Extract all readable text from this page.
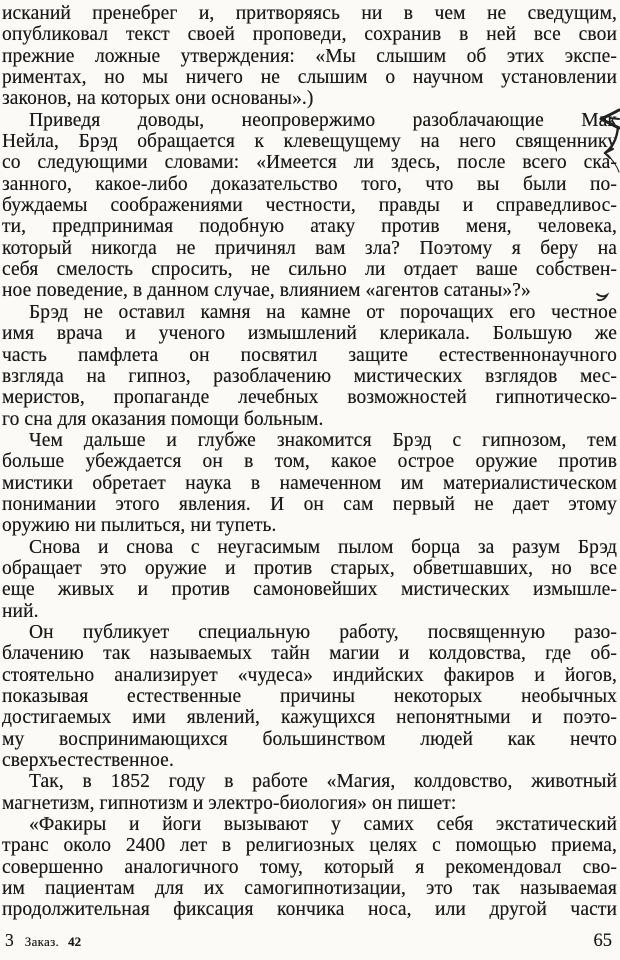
исканий пренебрег и, притворяясь ни в чем не сведущим,
опубликовал текст своей проповеди, сохранив в ней все свои
прежние ложные утверждения: «Мы слышим об этих экспе-
риментах, но мы ничего не слышим о научном установлении
законов, на которых они основаны».)
Приведя доводы, неопровержимо разоблачающие Мак
Нейла, Брэд обращается к клевещущему на него священнику
со следующими словами: «Имеется ли здесь, после всего ска-
занного, какое-либо доказательство того, что вы были по-
буждаемы соображениями честности, правды и справедливос-
ти, предпринимая подобную атаку против меня, человека,
который никогда не причинял вам зла? Поэтому я беру на
себя смелость спросить, не сильно ли отдает ваше собствен-
ное поведение, в данном случае, влиянием «агентов сатаны»?»
Брэд не оставил камня на камне от порочащих его честное
имя врача и ученого измышлений клерикала. Большую же
часть памфлета он посвятил защите естественнонаучного
взгляда на гипноз, разоблачению мистических взглядов мес-
меристов, пропаганде лечебных возможностей гипнотическо-
го сна для оказания помощи больным.
Чем дальше и глубже знакомится Брэд с гипнозом, тем
больше убеждается он в том, какое острое оружие против
мистики обретает наука в намеченном им материалистическом
понимании этого явления. И он сам первый не дает этому
оружию ни пылиться, ни тупеть.
Снова и снова с неугасимым пылом борца за разум Брэд
обращает это оружие и против старых, обветшавших, но все
еще живых и против самоновейших мистических измышле-
ний.
Он публикует специальную работу, посвященную разо-
блачению так называемых тайн магии и колдовства, где об-
стоятельно анализирует «чудеса» индийских факиров и йогов,
показывая естественные причины некоторых необычных
достигаемых ими явлений, кажущихся непонятными и поэто-
му воспринимающихся большинством людей как нечто
сверхъестественное.
Так, в 1852 году в работе «Магия, колдовство, животный
магнетизм, гипнотизм и электро-биология» он пишет:
«Факиры и йоги вызывают у самих себя экстатический
транс около 2400 лет в религиозных целях с помощью приема,
совершенно аналогичного тому, который я рекомендовал сво-
им пациентам для их самогипнотизации, это так называемая
продолжительная фиксация кончика носа, или другой части
3 Заказ. 42	65
